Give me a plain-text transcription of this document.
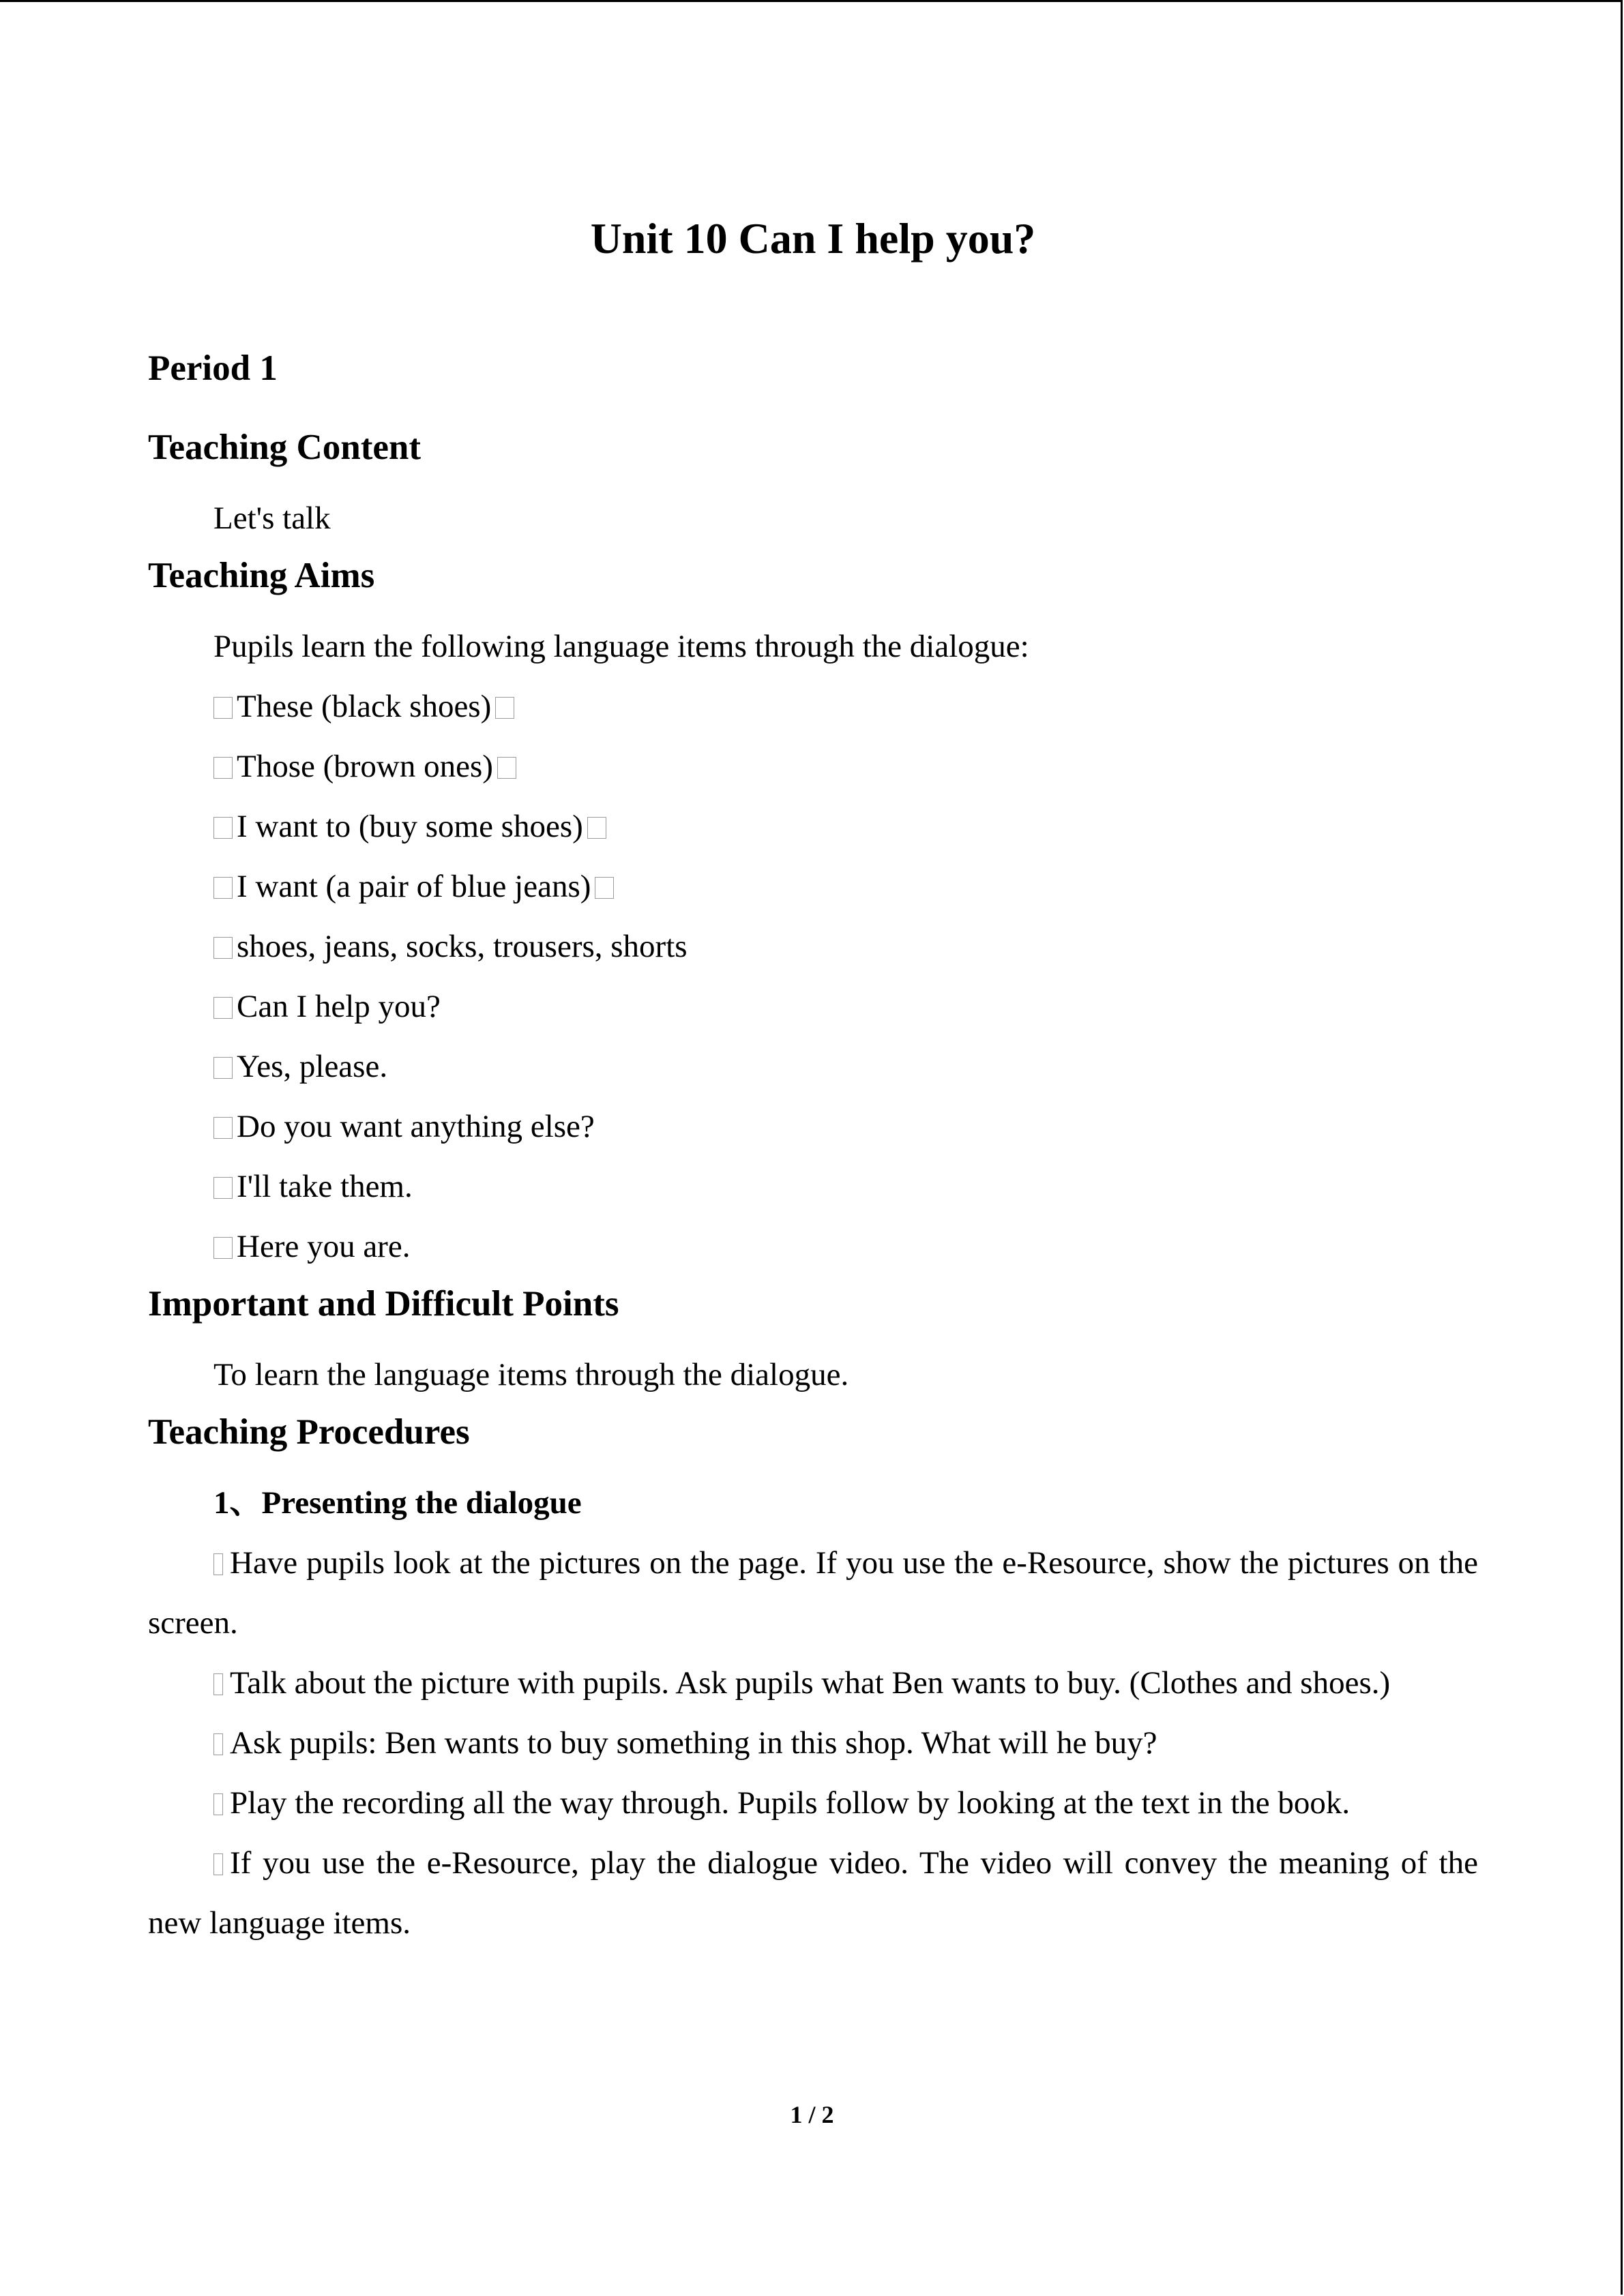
Unit 10 Can I help you?
Period 1
Teaching Content
Let's talk
Teaching Aims
Pupils learn the following language items through the dialogue:
These (black shoes)
Those (brown ones)
I want to (buy some shoes)
I want (a pair of blue jeans)
shoes, jeans, socks, trousers, shorts
Can I help you?
Yes, please.
Do you want anything else?
I'll take them.
Here you are.
Important and Difficult Points
To learn the language items through the dialogue.
Teaching Procedures
1、Presenting the dialogue
Have pupils look at the pictures on the page. If you use the e-Resource, show the pictures on the screen.
Talk about the picture with pupils. Ask pupils what Ben wants to buy. (Clothes and shoes.)
Ask pupils: Ben wants to buy something in this shop. What will he buy?
Play the recording all the way through. Pupils follow by looking at the text in the book.
If you use the e-Resource, play the dialogue video. The video will convey the meaning of the new language items.
1 / 2
